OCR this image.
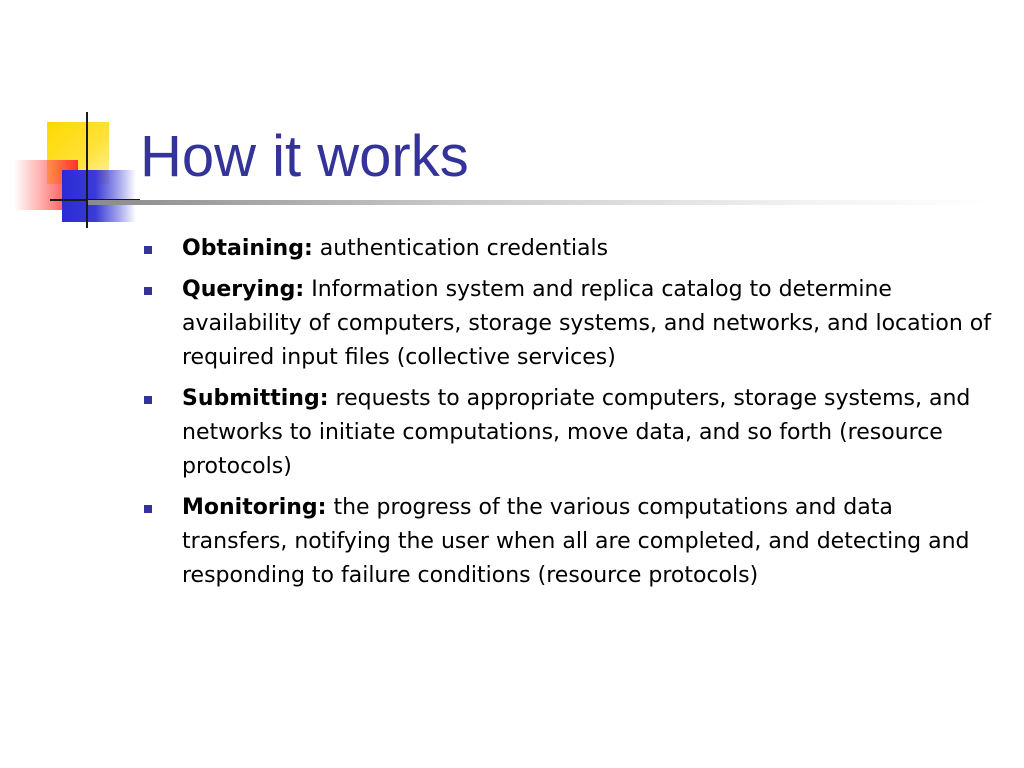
How it works
Obtaining: authentication credentials
Querying: Information system and replica catalog to determine availability of computers, storage systems, and networks, and location of required input files (collective services)
Submitting: requests to appropriate computers, storage systems, and networks to initiate computations, move data, and so forth (resource protocols)
Monitoring: the progress of the various computations and data transfers, notifying the user when all are completed, and detecting and responding to failure conditions (resource protocols)
